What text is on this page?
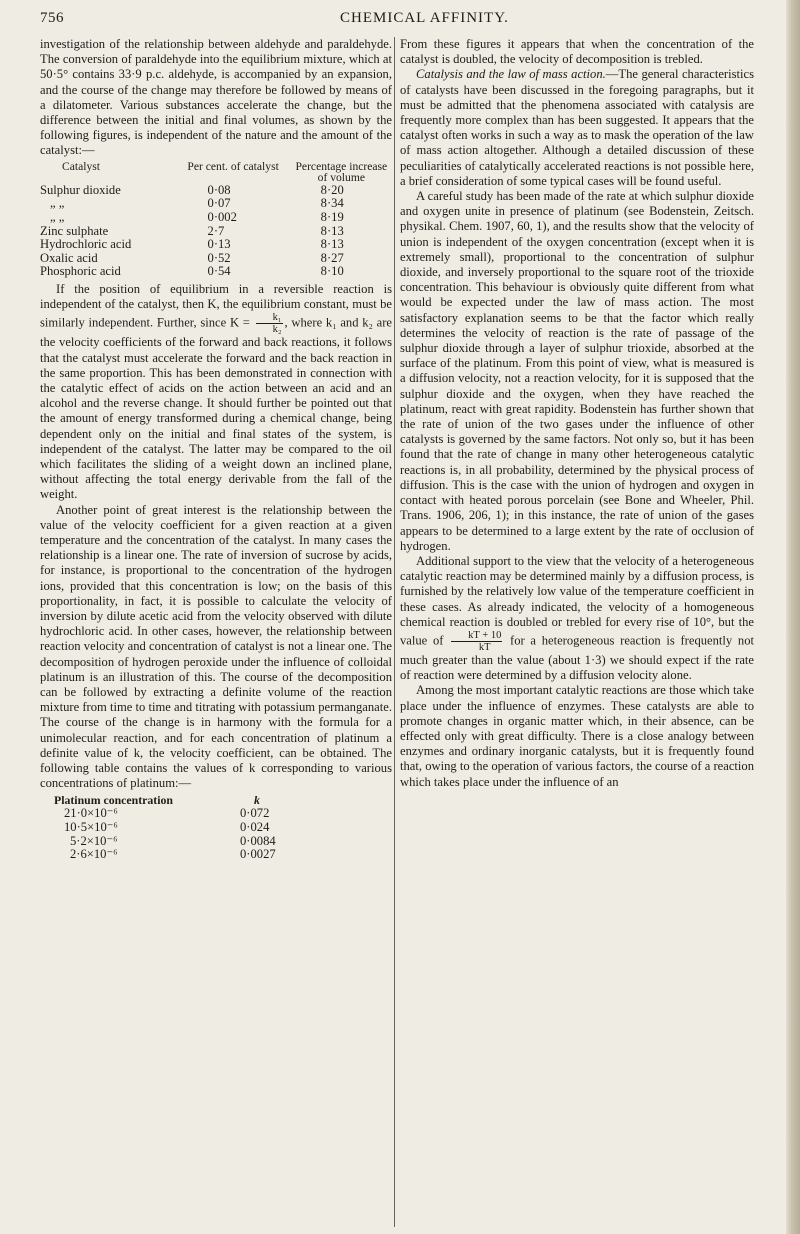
756	CHEMICAL AFFINITY.

investigation of the relationship between aldehyde and paraldehyde. The conversion of paraldehyde into the equilibrium mixture, which at 50·5° contains 33·9 p.c. aldehyde, is accompanied by an expansion, and the course of the change may therefore be followed by means of a dilatometer. Various substances accelerate the change, but the difference between the initial and final volumes, as shown by the following figures, is independent of the nature and the amount of the catalyst:—

Catalyst	Per cent. of catalyst	Percentage increase of volume
Sulphur dioxide	0·08	8·20
„ „	0·07	8·34
„ „	0·002	8·19
Zinc sulphate	2·7	8·13
Hydrochloric acid	0·13	8·13
Oxalic acid	0·52	8·27
Phosphoric acid	0·54	8·10

If the position of equilibrium in a reversible reaction is independent of the catalyst, then K, the equilibrium constant, must be similarly independent. Further, since $K = \frac{\text{k₁}}{\text{k₂}}$ , where k₁ and k₂ are the velocity coefficients of the forward and back reactions, it follows that the catalyst must accelerate the forward and the back reaction in the same proportion. This has been demonstrated in connection with the catalytic effect of acids on the action between an acid and an alcohol and the reverse change. It should further be pointed out that the amount of energy transformed during a chemical change, being dependent only on the initial and final states of the system, is independent of the catalyst. The latter may be compared to the oil which facilitates the sliding of a weight down an inclined plane, without affecting the total energy derivable from the fall of the weight.

Another point of great interest is the relationship between the value of the velocity coefficient for a given reaction at a given temperature and the concentration of the catalyst. In many cases the relationship is a linear one. The rate of inversion of sucrose by acids, for instance, is proportional to the concentration of the hydrogen ions, provided that this concentration is low; on the basis of this proportionality, in fact, it is possible to calculate the velocity of inversion by dilute acetic acid from the velocity observed with dilute hydrochloric acid. In other cases, however, the relationship between reaction velocity and concentration of catalyst is not a linear one. The decomposition of hydrogen peroxide under the influence of colloidal platinum is an illustration of this. The course of the decomposition can be followed by extracting a definite volume of the reaction mixture from time to time and titrating with potassium permanganate. The course of the change is in harmony with the formula for a unimolecular reaction, and for each concentration of platinum a definite value of k, the velocity coefficient, can be obtained. The following table contains the values of k corresponding to various concentrations of platinum:—

Platinum concentration	k
21·0×10⁻⁶	0·072
10·5×10⁻⁶	0·024
5·2×10⁻⁶	0·0084
2·6×10⁻⁶	0·0027

From these figures it appears that when the concentration of the catalyst is doubled, the velocity of decomposition is trebled.

Catalysis and the law of mass action.—The general characteristics of catalysts have been discussed in the foregoing paragraphs, but it must be admitted that the phenomena associated with catalysis are frequently more complex than has been suggested. It appears that the catalyst often works in such a way as to mask the operation of the law of mass action altogether. Although a detailed discussion of these peculiarities of catalytically accelerated reactions is not possible here, a brief consideration of some typical cases will be found useful.

A careful study has been made of the rate at which sulphur dioxide and oxygen unite in presence of platinum (see Bodenstein, Zeitsch. physikal. Chem. 1907, 60, 1), and the results show that the velocity of union is independent of the oxygen concentration (except when it is extremely small), proportional to the concentration of sulphur dioxide, and inversely proportional to the square root of the trioxide concentration. This behaviour is obviously quite different from what would be expected under the law of mass action. The most satisfactory explanation seems to be that the factor which really determines the velocity of reaction is the rate of passage of the sulphur dioxide through a layer of sulphur trioxide, absorbed at the surface of the platinum. From this point of view, what is measured is a diffusion velocity, not a reaction velocity, for it is supposed that the sulphur dioxide and the oxygen, when they have reached the platinum, react with great rapidity. Bodenstein has further shown that the rate of union of the two gases under the influence of other catalysts is governed by the same factors. Not only so, but it has been found that the rate of change in many other heterogeneous catalytic reactions is, in all probability, determined by the physical process of diffusion. This is the case with the union of hydrogen and oxygen in contact with heated porous porcelain (see Bone and Wheeler, Phil. Trans. 1906, 206, 1); in this instance, the rate of union of the gases appears to be determined to a large extent by the rate of occlusion of hydrogen.

Additional support to the view that the velocity of a heterogeneous catalytic reaction may be determined mainly by a diffusion process, is furnished by the relatively low value of the temperature coefficient in these cases. As already indicated, the velocity of a homogeneous chemical reaction is doubled or trebled for every rise of 10°, but the value of $\frac{kT + 10}{kT}$ for a heterogeneous reaction is frequently not much greater than the value (about 1·3) we should expect if the rate of reaction were determined by a diffusion velocity alone.

Among the most important catalytic reactions are those which take place under the influence of enzymes. These catalysts are able to promote changes in organic matter which, in their absence, can be effected only with great difficulty. There is a close analogy between enzymes and ordinary inorganic catalysts, but it is frequently found that, owing to the operation of various factors, the course of a reaction which takes place under the influence of an
